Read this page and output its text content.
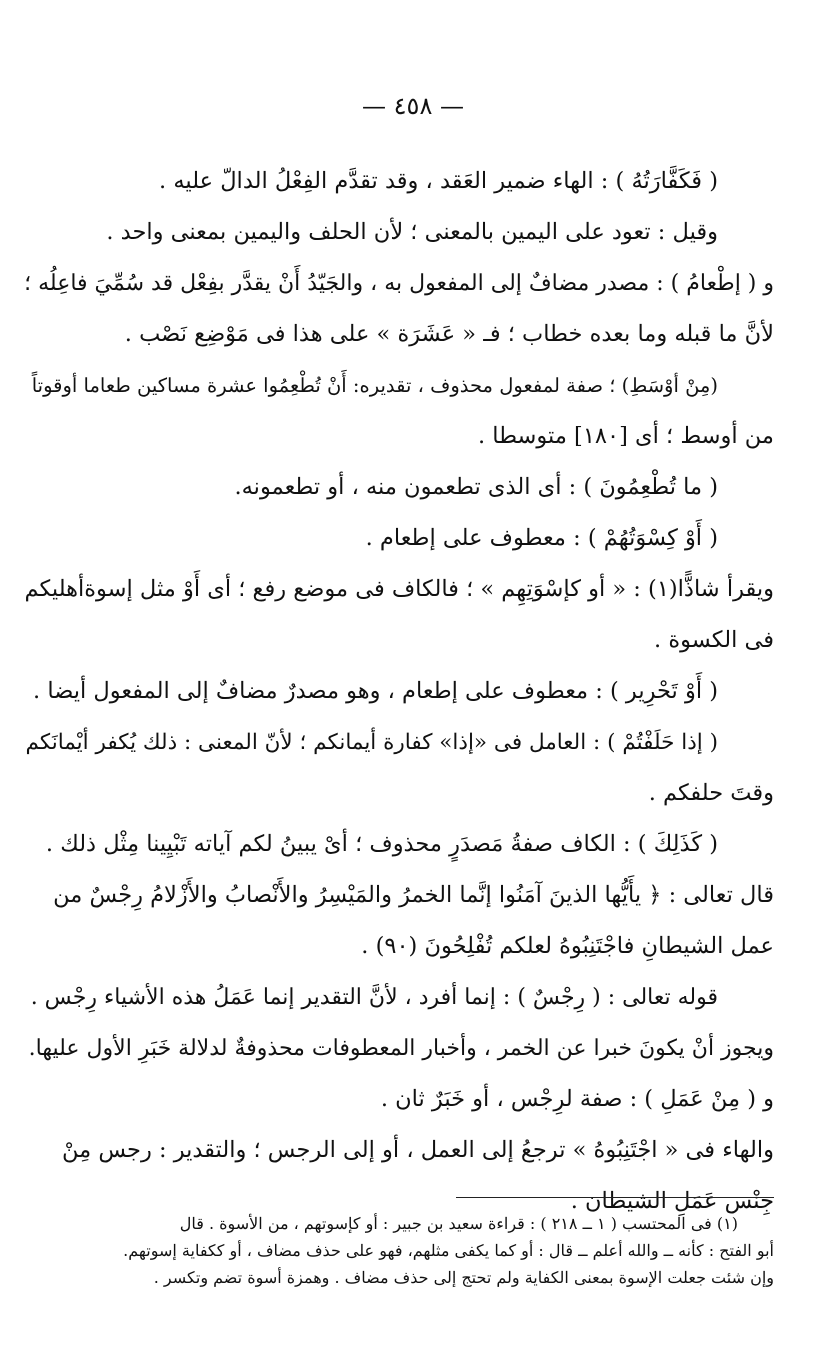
— ٤٥٨ —

( فَكَفَّارَتُهُ ) : الهاء ضمير العَقد ، وقد تقدَّم الفِعْلُ الدالّ عليه .

وقيل : تعود على اليمين بالمعنى ؛ لأن الحلف واليمين بمعنى واحد .

و ( إطْعامُ ) : مصدر مضافٌ إلى المفعول به ، والجَيّدُ أَنْ يقدَّر بفِعْل قد سُمِّيَ فاعِلُه ؛

لأنَّ ما قبله وما بعده خطاب ؛ فـ « عَشَرَة » على هذا فى مَوْضِع نَصْب .

(مِنْ أوْسَطِ) ؛ صفة لمفعول محذوف ، تقديره: أَنْ تُطْعِمُوا عشرة مساكين طعاما أوقوتاً

من أوسط ؛ أى [١٨٠] متوسطا .

( ما تُطْعِمُونَ ) : أى الذى تطعمون منه ، أو تطعمونه.

( أَوْ كِسْوَتُهُمْ ) : معطوف على إطعام .

ويقرأ شاذًّا(١) : « أو كإسْوَتِهِم » ؛ فالكاف فى موضع رفع ؛ أى أَوْ مثل إسوةأهليكم

فى الكسوة .

( أَوْ تَحْرِير ) : معطوف على إطعام ، وهو مصدرٌ مضافٌ إلى المفعول أيضا .

( إذا حَلَفْتُمْ ) : العامل فى «إذا» كفارة أيمانكم ؛ لأنّ المعنى : ذلك يُكفر أيْمانَكم

وقتَ حلفكم .

( كَذَلِكَ ) : الكاف صفةُ مَصدَرٍ محذوف ؛ أىْ يبينُ لكم آياته تَبْيِينا مِثْل ذلك .

قال تعالى : ﴿ يأَيُّها الذينَ آمَنُوا إنَّما الخمرُ والمَيْسِرُ والأَنْصابُ والأَزْلامُ رِجْسٌ من

عمل الشيطانِ فاجْتَنِبُوهُ لعلكم تُفْلِحُونَ (٩٠) .

قوله تعالى : ( رِجْسٌ ) : إنما أفرد ، لأنَّ التقدير إنما عَمَلُ هذه الأشياء رِجْس .

ويجوز أنْ يكونَ خبرا عن الخمر ، وأخبار المعطوفات محذوفةٌ لدلالة خَبَرِ الأول عليها.

و ( مِنْ عَمَلِ ) : صفة لرِجْس ، أو خَبَرٌ ثان .

والهاء فى « اجْتَنِبُوهُ » ترجعُ إلى العمل ، أو إلى الرجس ؛ والتقدير : رجس مِنْ

جِنْس عَمَلِ الشيطان .

(١) فى المحتسب ( ١ ــ ٢١٨ ) : قراءة سعيد بن جبير : أو كإسوتهم ، من الأسوة . قال

أبو الفتح : كأنه ــ والله أعلم ــ قال : أو كما يكفى مثلهم، فهو على حذف مضاف ، أو ككفاية إسوتهم.

وإن شئت جعلت الإسوة بمعنى الكفاية ولم تحتج إلى حذف مضاف . وهمزة أسوة تضم وتكسر .
